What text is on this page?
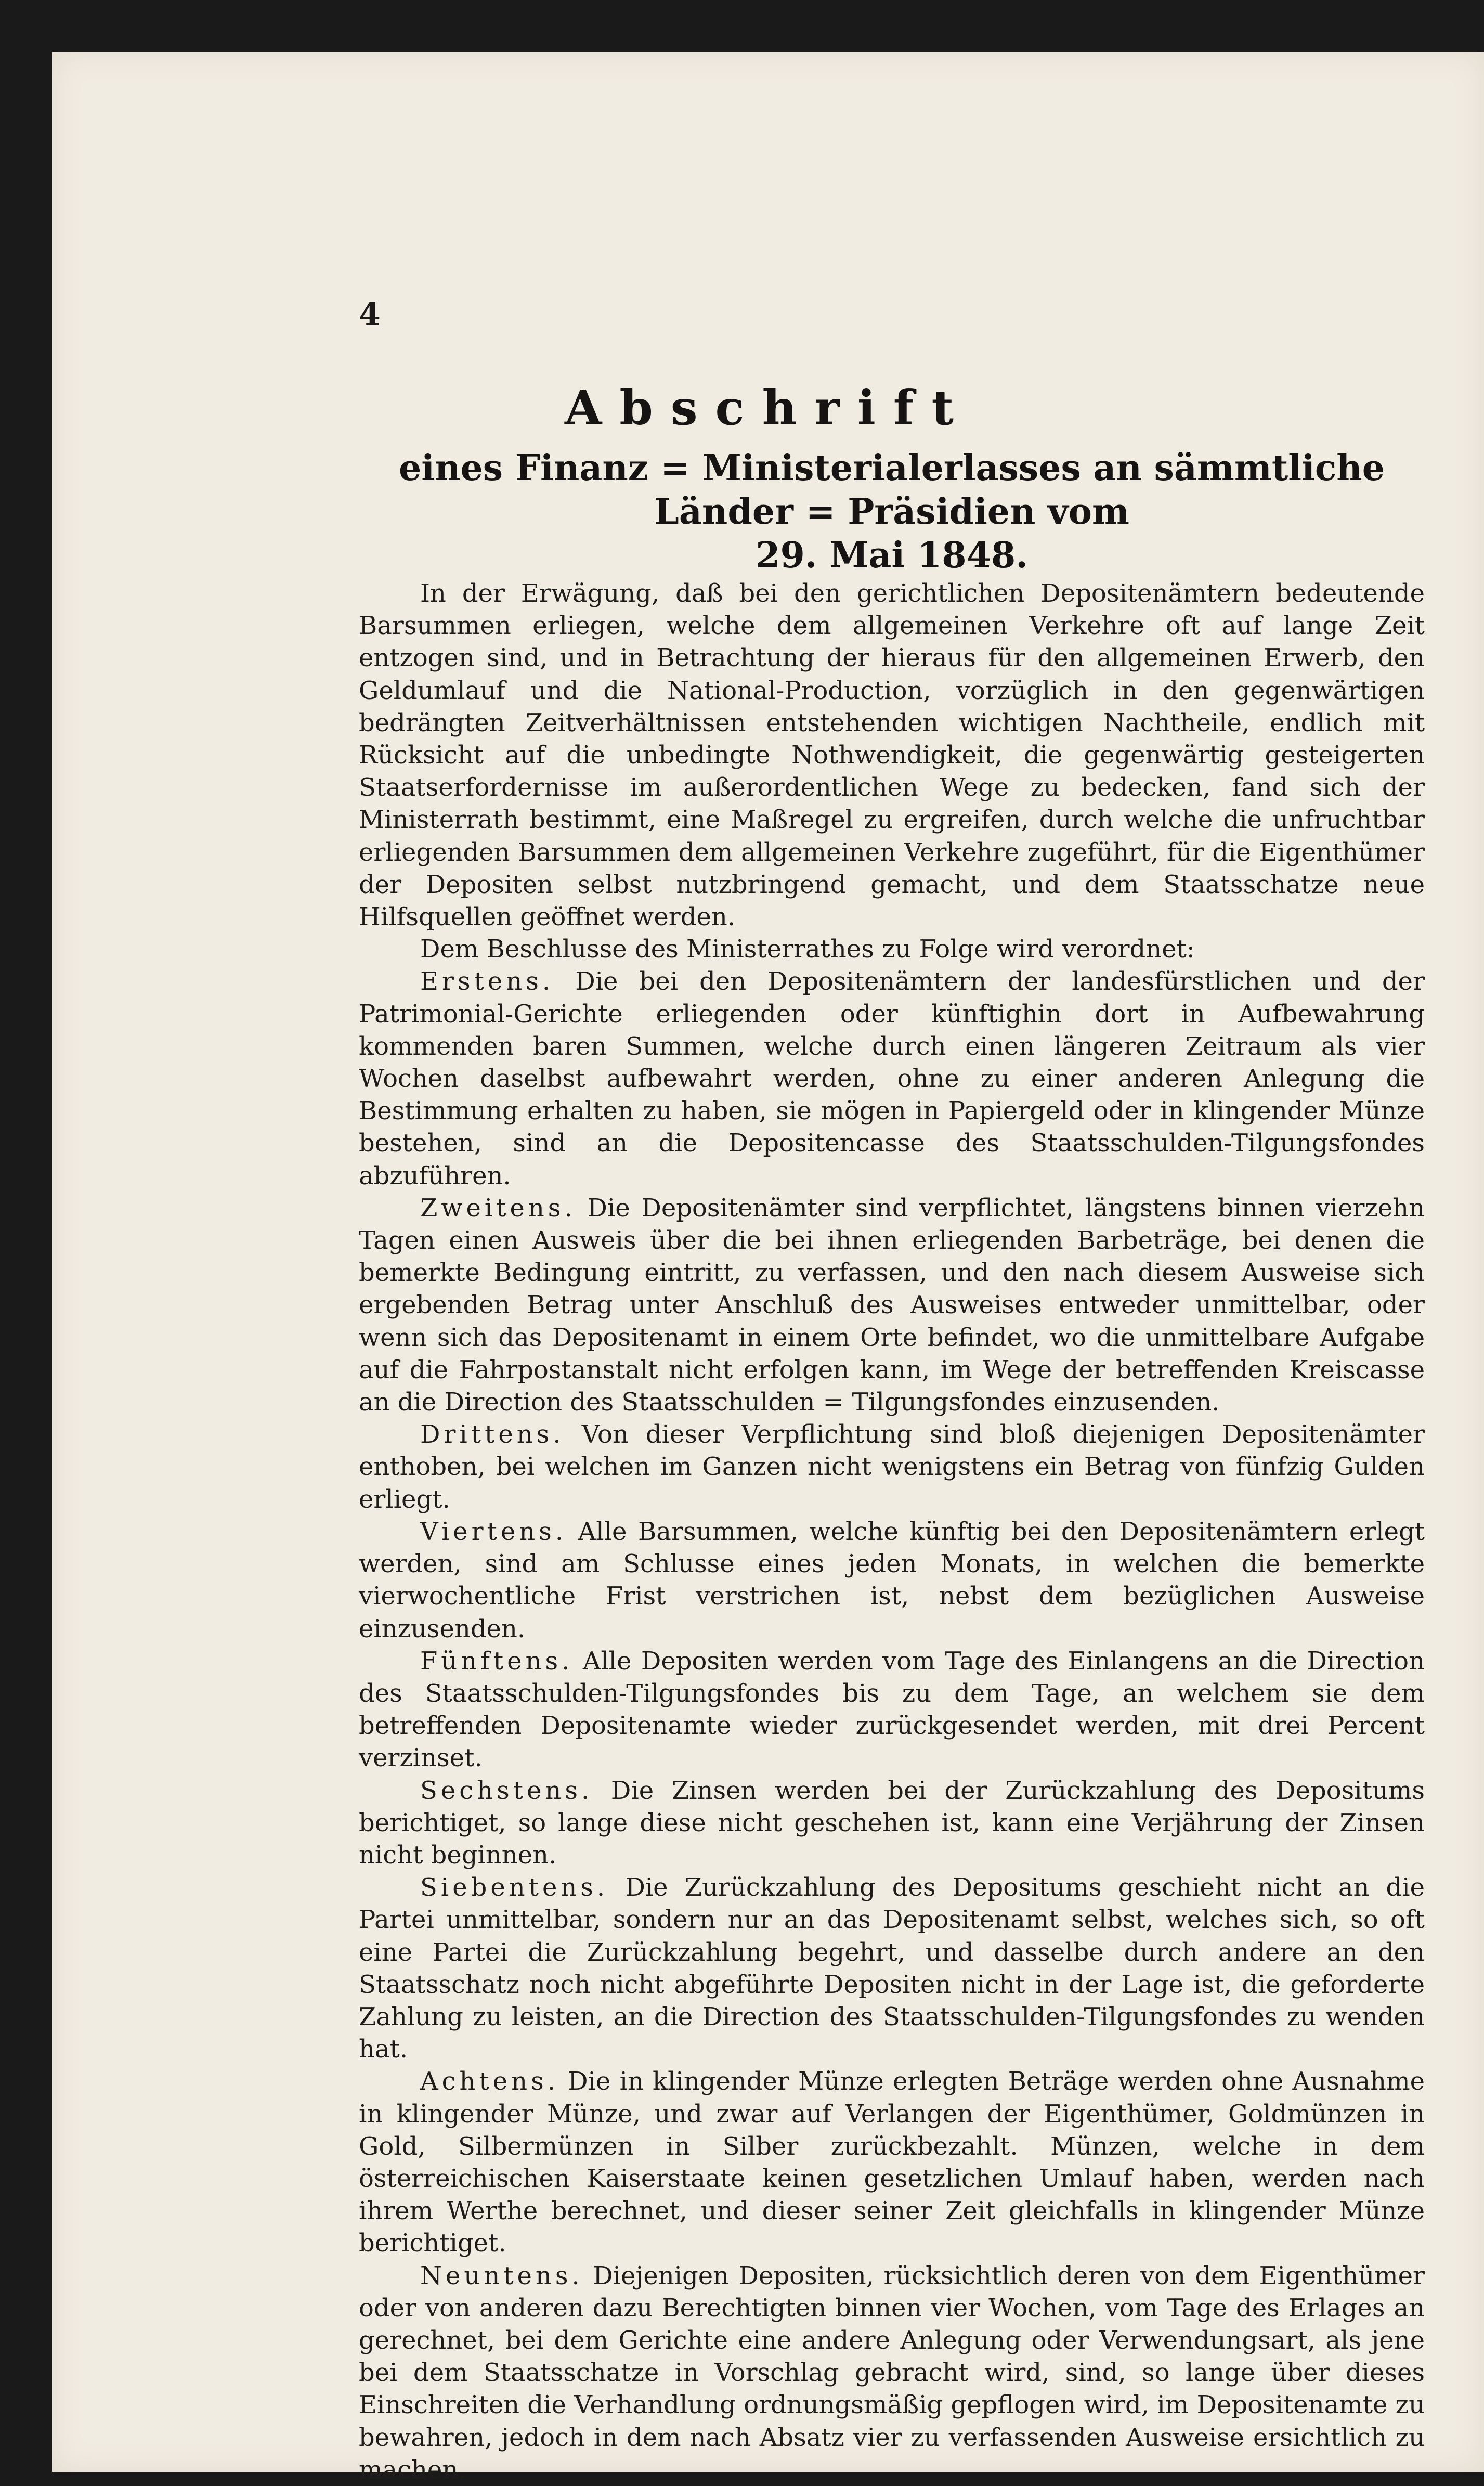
4
Abschrift
eines Finanz = Ministerialerlasses an sämmtliche Länder = Präsidien vom
29. Mai 1848.

In der Erwägung, daß bei den gerichtlichen Depositenämtern bedeutende Barsummen erliegen, welche dem allgemeinen Verkehre oft auf lange Zeit entzogen sind, und in Betrachtung der hieraus für den allgemeinen Erwerb, den Geldumlauf und die National-Production, vorzüglich in den gegenwärtigen bedrängten Zeitverhältnissen entstehenden wichtigen Nachtheile, endlich mit Rücksicht auf die unbedingte Nothwendigkeit, die gegenwärtig gesteigerten Staatserfordernisse im außerordentlichen Wege zu bedecken, fand sich der Ministerrath bestimmt, eine Maßregel zu ergreifen, durch welche die unfruchtbar erliegenden Barsummen dem allgemeinen Verkehre zugeführt, für die Eigenthümer der Depositen selbst nutzbringend gemacht, und dem Staatsschatze neue Hilfsquellen geöffnet werden.

Dem Beschlusse des Ministerrathes zu Folge wird verordnet:

Erstens. Die bei den Depositenämtern der landesfürstlichen und der Patrimonial-Gerichte erliegenden oder künftighin dort in Aufbewahrung kommenden baren Summen, welche durch einen längeren Zeitraum als vier Wochen daselbst aufbewahrt werden, ohne zu einer anderen Anlegung die Bestimmung erhalten zu haben, sie mögen in Papiergeld oder in klingender Münze bestehen, sind an die Depositencasse des Staatsschulden-Tilgungsfondes abzuführen.

Zweitens. Die Depositenämter sind verpflichtet, längstens binnen vierzehn Tagen einen Ausweis über die bei ihnen erliegenden Barbeträge, bei denen die bemerkte Bedingung eintritt, zu verfassen, und den nach diesem Ausweise sich ergebenden Betrag unter Anschluß des Ausweises entweder unmittelbar, oder wenn sich das Depositenamt in einem Orte befindet, wo die unmittelbare Aufgabe auf die Fahrpostanstalt nicht erfolgen kann, im Wege der betreffenden Kreiscasse an die Direction des Staatsschulden = Tilgungsfondes einzusenden.

Drittens. Von dieser Verpflichtung sind bloß diejenigen Depositenämter enthoben, bei welchen im Ganzen nicht wenigstens ein Betrag von fünfzig Gulden erliegt.

Viertens. Alle Barsummen, welche künftig bei den Depositenämtern erlegt werden, sind am Schlusse eines jeden Monats, in welchen die bemerkte vierwochentliche Frist verstrichen ist, nebst dem bezüglichen Ausweise einzusenden.

Fünftens. Alle Depositen werden vom Tage des Einlangens an die Direction des Staatsschulden-Tilgungsfondes bis zu dem Tage, an welchem sie dem betreffenden Depositenamte wieder zurückgesendet werden, mit drei Percent verzinset.

Sechstens. Die Zinsen werden bei der Zurückzahlung des Depositums berichtiget, so lange diese nicht geschehen ist, kann eine Verjährung der Zinsen nicht beginnen.

Siebentens. Die Zurückzahlung des Depositums geschieht nicht an die Partei unmittelbar, sondern nur an das Depositenamt selbst, welches sich, so oft eine Partei die Zurückzahlung begehrt, und dasselbe durch andere an den Staatsschatz noch nicht abgeführte Depositen nicht in der Lage ist, die geforderte Zahlung zu leisten, an die Direction des Staatsschulden-Tilgungsfondes zu wenden hat.

Achtens. Die in klingender Münze erlegten Beträge werden ohne Ausnahme in klingender Münze, und zwar auf Verlangen der Eigenthümer, Goldmünzen in Gold, Silbermünzen in Silber zurückbezahlt. Münzen, welche in dem österreichischen Kaiserstaate keinen gesetzlichen Umlauf haben, werden nach ihrem Werthe berechnet, und dieser seiner Zeit gleichfalls in klingender Münze berichtiget.

Neuntens. Diejenigen Depositen, rücksichtlich deren von dem Eigenthümer oder von anderen dazu Berechtigten binnen vier Wochen, vom Tage des Erlages an gerechnet, bei dem Gerichte eine andere Anlegung oder Verwendungsart, als jene bei dem Staatsschatze in Vorschlag gebracht wird, sind, so lange über dieses Einschreiten die Verhandlung ordnungsmäßig gepflogen wird, im Depositenamte zu bewahren, jedoch in dem nach Absatz vier zu verfassenden Ausweise ersichtlich zu machen.
